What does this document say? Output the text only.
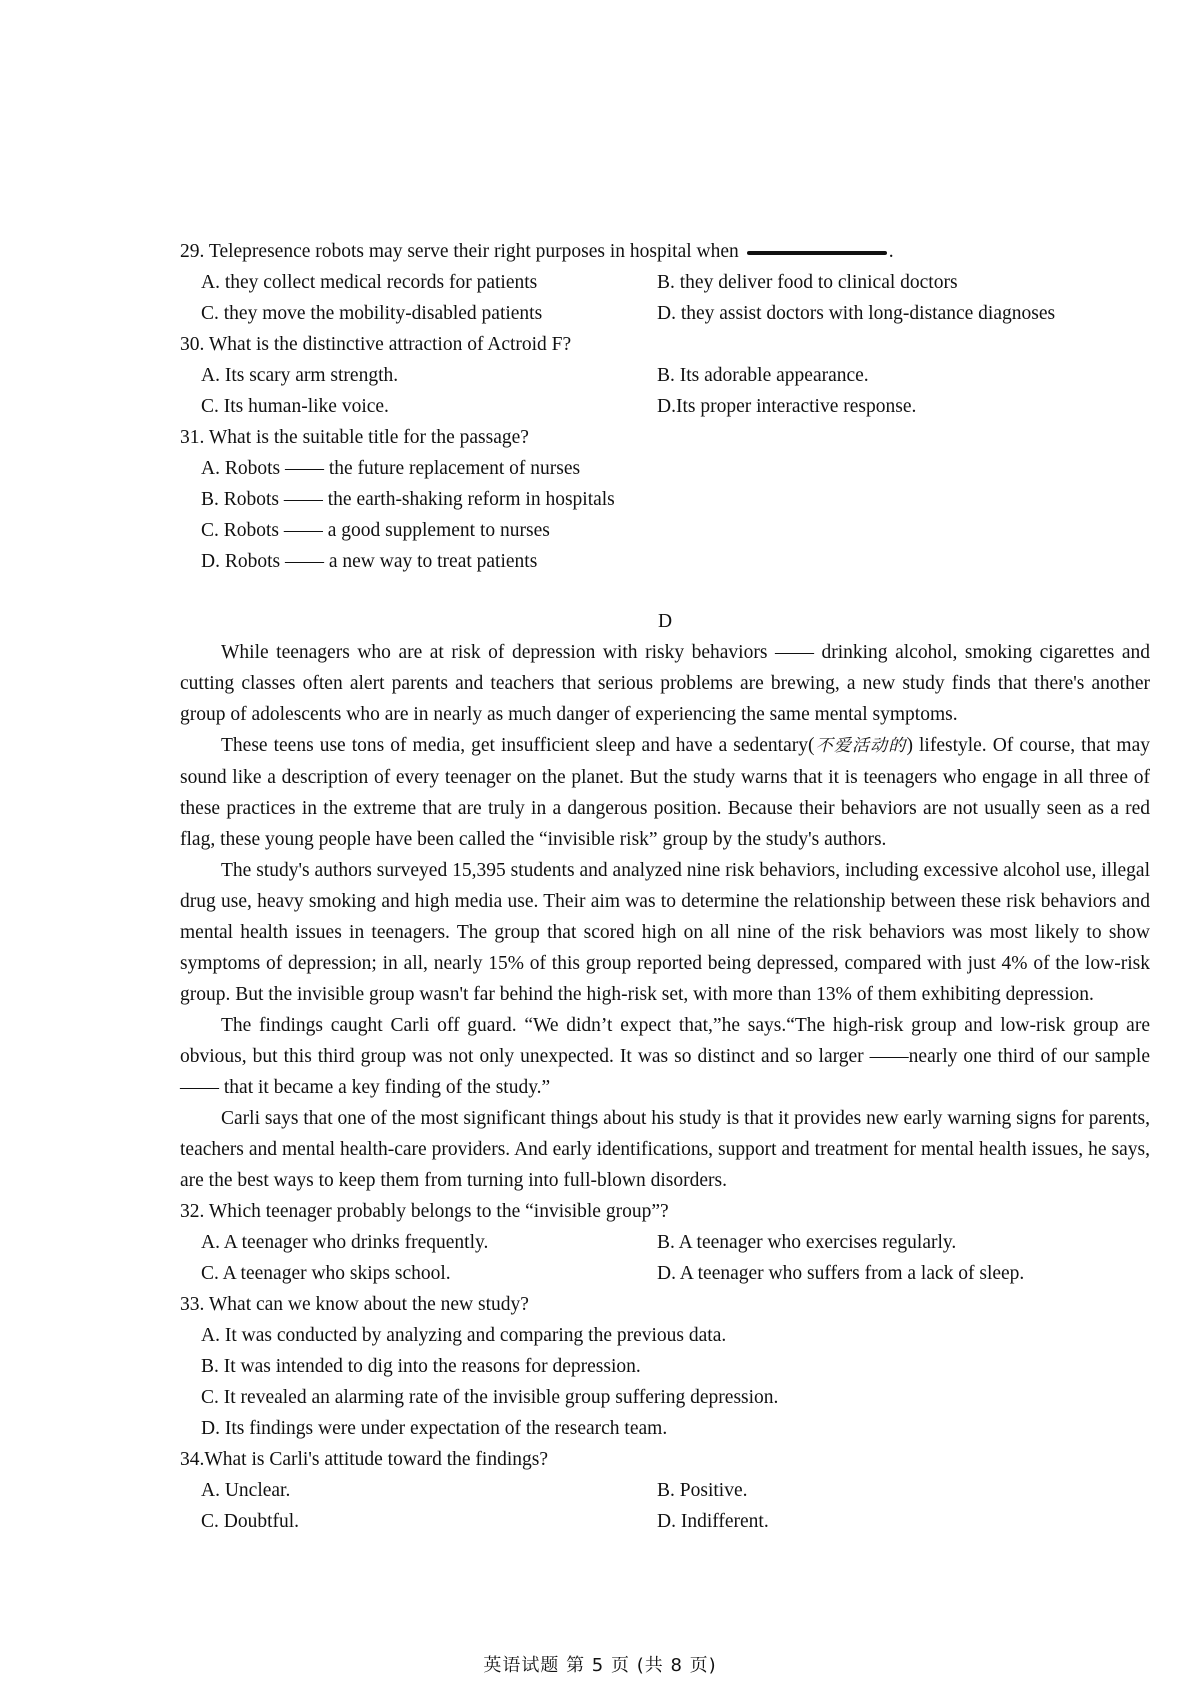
29. Telepresence robots may serve their right purposes in hospital when	.

A. they collect medical records for patients	B. they deliver food to clinical doctors
C. they move the mobility-disabled patients	D. they assist doctors with long-distance diagnoses

30. What is the distinctive attraction of Actroid F?

A. Its scary arm strength.	B. Its adorable appearance.
C. Its human-like voice.	D.Its proper interactive response.

31. What is the suitable title for the passage?

A. Robots —— the future replacement of nurses
B. Robots —— the earth-shaking reform in hospitals
C. Robots —— a good supplement to nurses
D. Robots —— a new way to treat patients
D

While teenagers who are at risk of depression with risky behaviors —— drinking alcohol, smoking cigarettes and cutting classes often alert parents and teachers that serious problems are brewing, a new study finds that there's another group of adolescents who are in nearly as much danger of experiencing the same mental symptoms.

These teens use tons of media, get insufficient sleep and have a sedentary(不爱活动的) lifestyle. Of course, that may sound like a description of every teenager on the planet. But the study warns that it is teenagers who engage in all three of these practices in the extreme that are truly in a dangerous position. Because their behaviors are not usually seen as a red flag, these young people have been called the “invisible risk” group by the study's authors.

The study's authors surveyed 15,395 students and analyzed nine risk behaviors, including excessive alcohol use, illegal drug use, heavy smoking and high media use. Their aim was to determine the relationship between these risk behaviors and mental health issues in teenagers. The group that scored high on all nine of the risk behaviors was most likely to show symptoms of depression; in all, nearly 15% of this group reported being depressed, compared with just 4% of the low-risk group. But the invisible group wasn't far behind the high-risk set, with more than 13% of them exhibiting depression.

The findings caught Carli off guard. “We didn’t expect that,”he says.“The high-risk group and low-risk group are obvious, but this third group was not only unexpected. It was so distinct and so larger ——nearly one third of our sample —— that it became a key finding of the study.”

Carli says that one of the most significant things about his study is that it provides new early warning signs for parents, teachers and mental health-care providers. And early identifications, support and treatment for mental health issues, he says, are the best ways to keep them from turning into full-blown disorders.

32. Which teenager probably belongs to the “invisible group”?

A. A teenager who drinks frequently.	B. A teenager who exercises regularly.
C. A teenager who skips school.	D. A teenager who suffers from a lack of sleep.

33. What can we know about the new study?

A. It was conducted by analyzing and comparing the previous data.
B. It was intended to dig into the reasons for depression.
C. It revealed an alarming rate of the invisible group suffering depression.
D. Its findings were under expectation of the research team.

34.What is Carli's attitude toward the findings?

A. Unclear.	B. Positive.
C. Doubtful.	D. Indifferent.
英语试题 第 5 页 (共 8 页)
